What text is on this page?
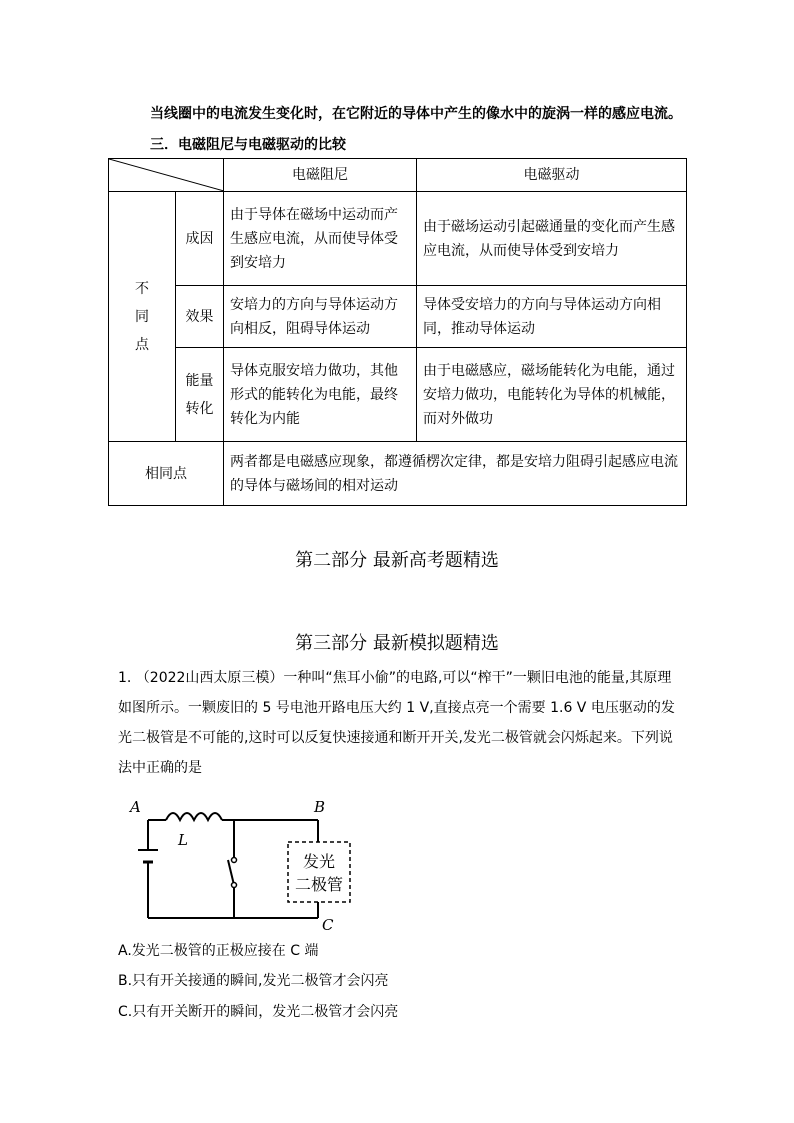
当线圈中的电流发生变化时，在它附近的导体中产生的像水中的旋涡一样的感应电流。
三．电磁阻尼与电磁驱动的比较
	电磁阻尼	电磁驱动
不
同
点	成因	由于导体在磁场中运动而产生感应电流，从而使导体受到安培力	由于磁场运动引起磁通量的变化而产生感应电流，从而使导体受到安培力
	效果	安培力的方向与导体运动方向相反，阻碍导体运动	导体受安培力的方向与导体运动方向相同，推动导体运动
	能量转化	导体克服安培力做功，其他形式的能转化为电能，最终转化为内能	由于电磁感应，磁场能转化为电能，通过安培力做功，电能转化为导体的机械能，而对外做功
相同点		两者都是电磁感应现象，都遵循楞次定律，都是安培力阻碍引起感应电流的导体与磁场间的相对运动	
第二部分 最新高考题精选
第三部分 最新模拟题精选
1. （2022山西太原三模）一种叫“焦耳小偷”的电路,可以“榨干”一颗旧电池的能量,其原理如图所示。一颗废旧的 5 号电池开路电压大约 1 V,直接点亮一个需要 1.6 V 电压驱动的发光二极管是不可能的,这时可以反复快速接通和断开开关,发光二极管就会闪烁起来。下列说法中正确的是
A	B
C
L
发光
二极管
A.发光二极管的正极应接在 C 端
B.只有开关接通的瞬间,发光二极管才会闪亮
C.只有开关断开的瞬间，发光二极管才会闪亮
